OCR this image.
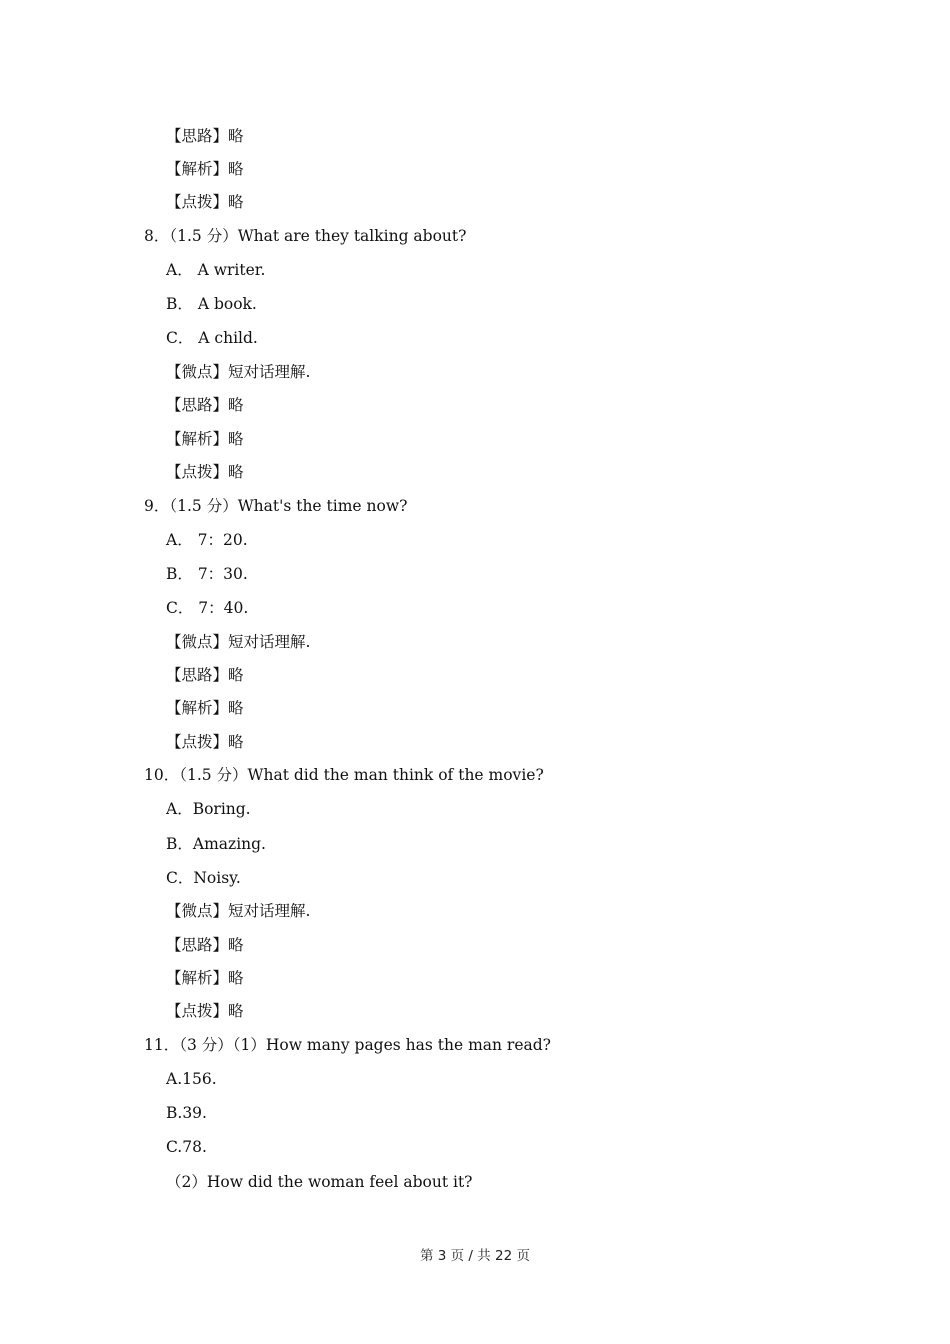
【思路】略
【解析】略
【点拨】略
8．（1.5 分）What are they talking about?
A． A writer.
B． A book.
C． A child.
【微点】短对话理解.
【思路】略
【解析】略
【点拨】略
9．（1.5 分）What's the time now?
A． 7：20.
B． 7：30.
C． 7：40.
【微点】短对话理解.
【思路】略
【解析】略
【点拨】略
10．（1.5 分）What did the man think of the movie?
A．Boring.
B．Amazing.
C．Noisy.
【微点】短对话理解.
【思路】略
【解析】略
【点拨】略
11．（3 分）（1）How many pages has the man read?
A.156.
B.39.
C.78.
（2）How did the woman feel about it?
第 3 页 / 共 22 页
